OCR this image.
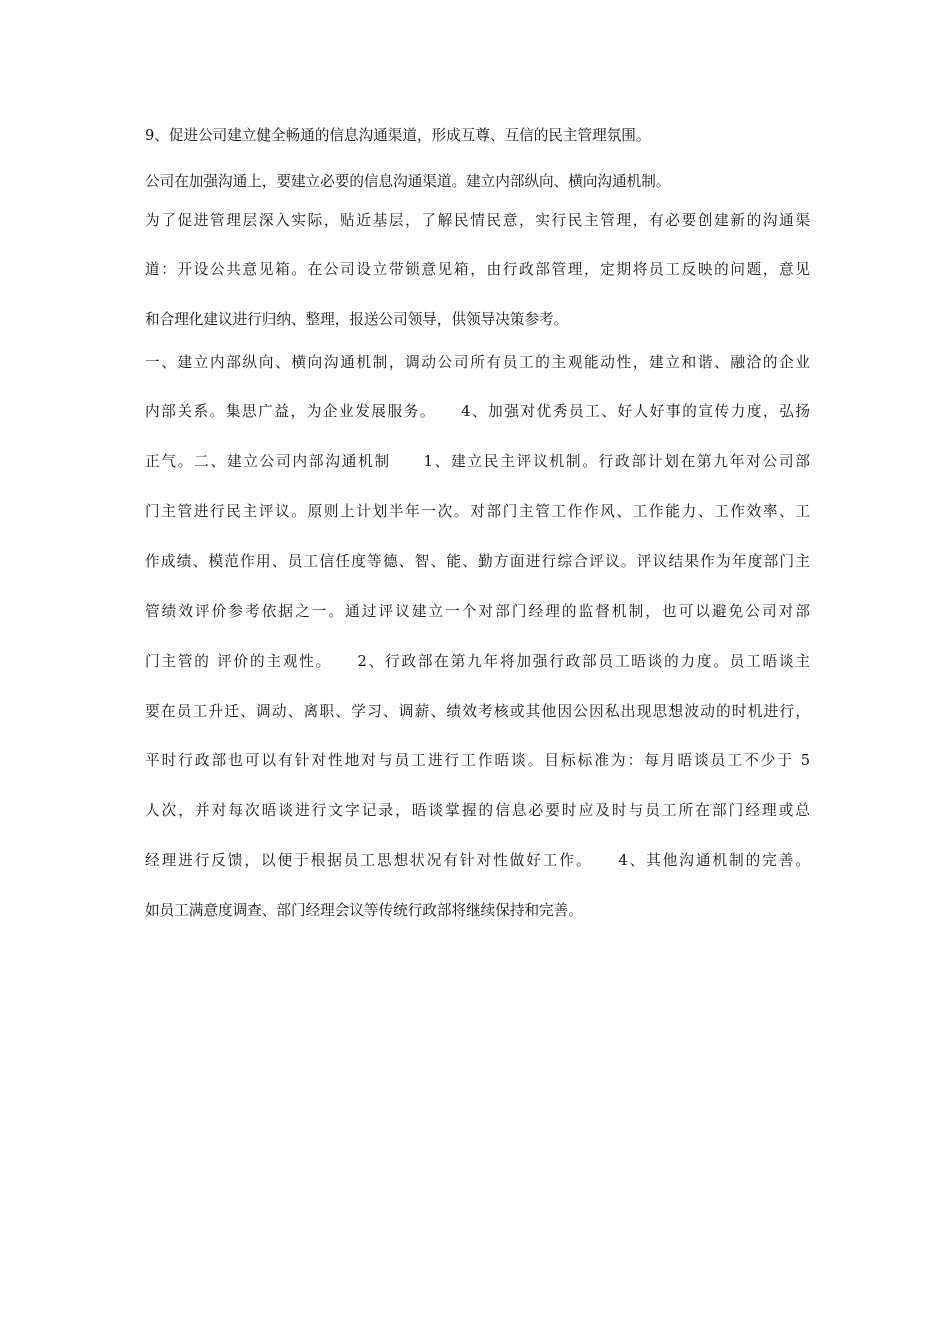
9、促进公司建立健全畅通的信息沟通渠道，形成互尊、互信的民主管理氛围。
公司在加强沟通上，要建立必要的信息沟通渠道。建立内部纵向、横向沟通机制。
为了促进管理层深入实际，贴近基层，了解民情民意，实行民主管理，有必要创建新的沟通渠
道：开设公共意见箱。在公司设立带锁意见箱，由行政部管理，定期将员工反映的问题，意见
和合理化建议进行归纳、整理，报送公司领导，供领导决策参考。
一、建立内部纵向、横向沟通机制，调动公司所有员工的主观能动性，建立和谐、融洽的企业
内部关系。集思广益，为企业发展服务。　　4、加强对优秀员工、好人好事的宣传力度，弘扬
正气。二、建立公司内部沟通机制　　1、建立民主评议机制。行政部计划在第九年对公司部
门主管进行民主评议。原则上计划半年一次。对部门主管工作作风、工作能力、工作效率、工
作成绩、模范作用、员工信任度等德、智、能、勤方面进行综合评议。评议结果作为年度部门主
管绩效评价参考依据之一。通过评议建立一个对部门经理的监督机制，也可以避免公司对部
门主管的 评价的主观性。　　2、行政部在第九年将加强行政部员工晤谈的力度。员工晤谈主
要在员工升迁、调动、离职、学习、调薪、绩效考核或其他因公因私出现思想波动的时机进行，
平时行政部也可以有针对性地对与员工进行工作晤谈。目标标准为：每月晤谈员工不少于 5
人次，并对每次晤谈进行文字记录，晤谈掌握的信息必要时应及时与员工所在部门经理或总
经理进行反馈，以便于根据员工思想状况有针对性做好工作。　　4、其他沟通机制的完善。
如员工满意度调查、部门经理会议等传统行政部将继续保持和完善。
